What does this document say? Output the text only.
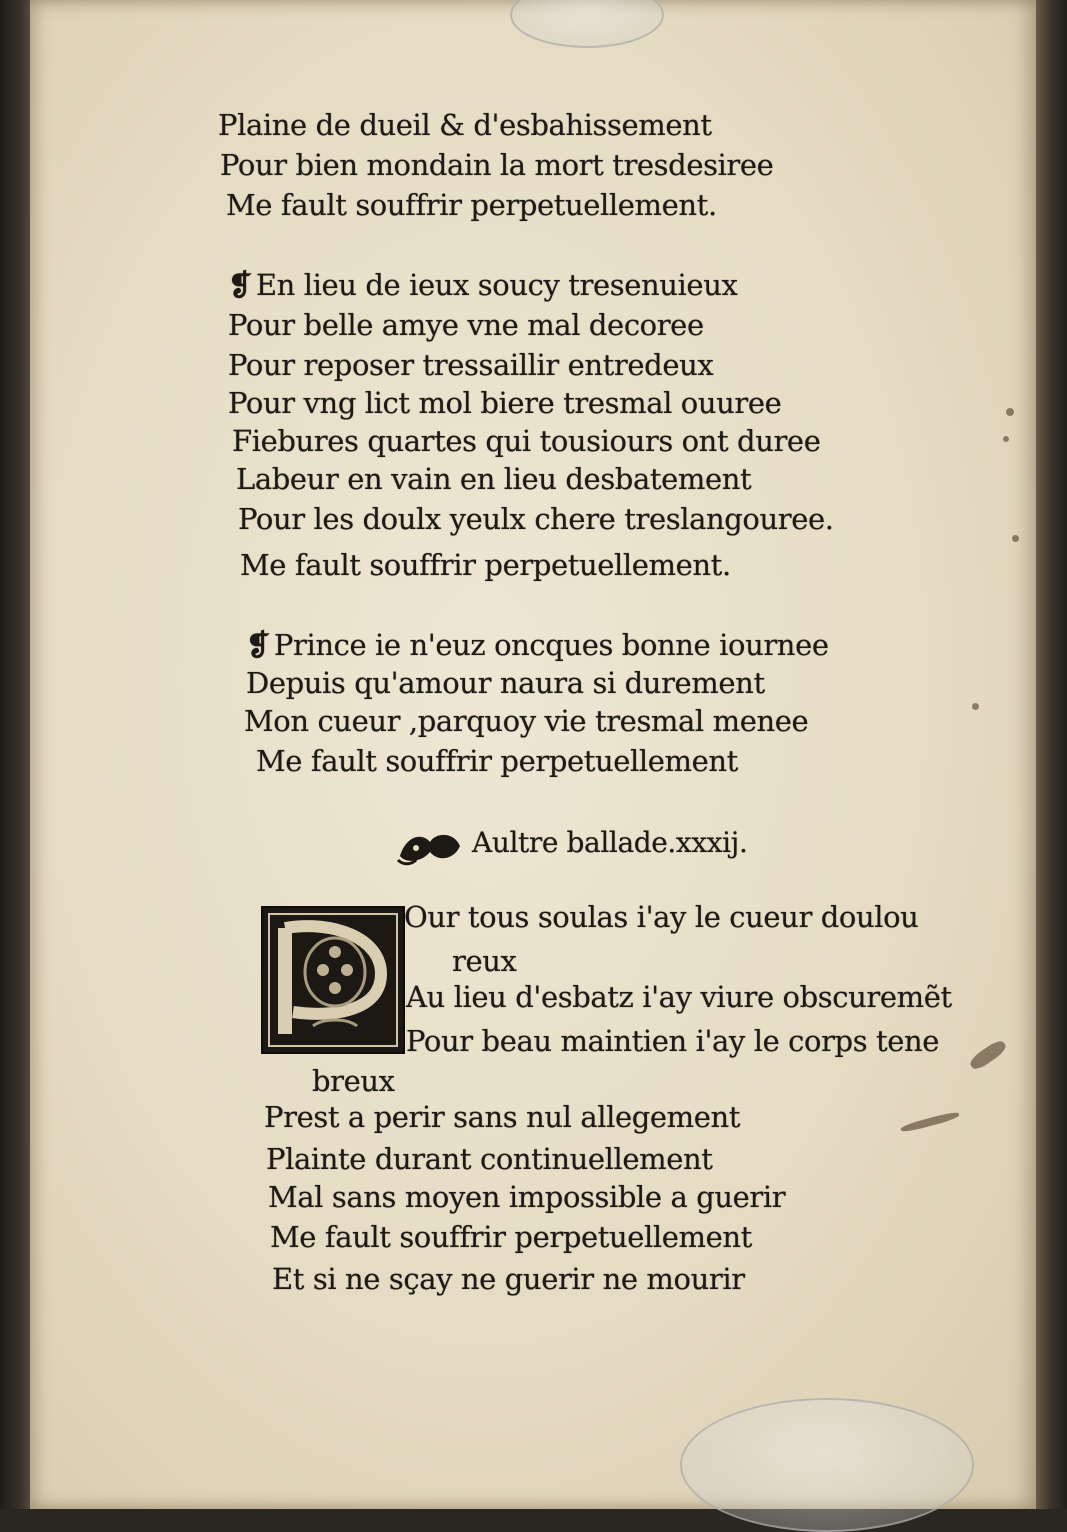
Plaine de dueil & d'esbahissement
Pour bien mondain la mort tresdesiree
Me fault souffrir perpetuellement.
❡ En lieu de ieux soucy tresenuieux
Pour belle amye vne mal decoree
Pour reposer tressaillir entredeux
Pour vng lict mol biere tresmal ouuree
Fiebures quartes qui tousiours ont duree
Labeur en vain en lieu desbatement
Pour les doulx yeulx chere treslangouree.
Me fault souffrir perpetuellement.
❡ Prince ie n'euz oncques bonne iournee
Depuis qu'amour naura si durement
Mon cueur ,parquoy vie tresmal menee
Me fault souffrir perpetuellement
Aultre ballade.xxxij.
Our tous soulas i'ay le cueur doulou
reux
Au lieu d'esbatz i'ay viure obscuremẽt
Pour beau maintien i'ay le corps tene
breux
Prest a perir sans nul allegement
Plainte durant continuellement
Mal sans moyen impossible a guerir
Me fault souffrir perpetuellement
Et si ne sçay ne guerir ne mourir
